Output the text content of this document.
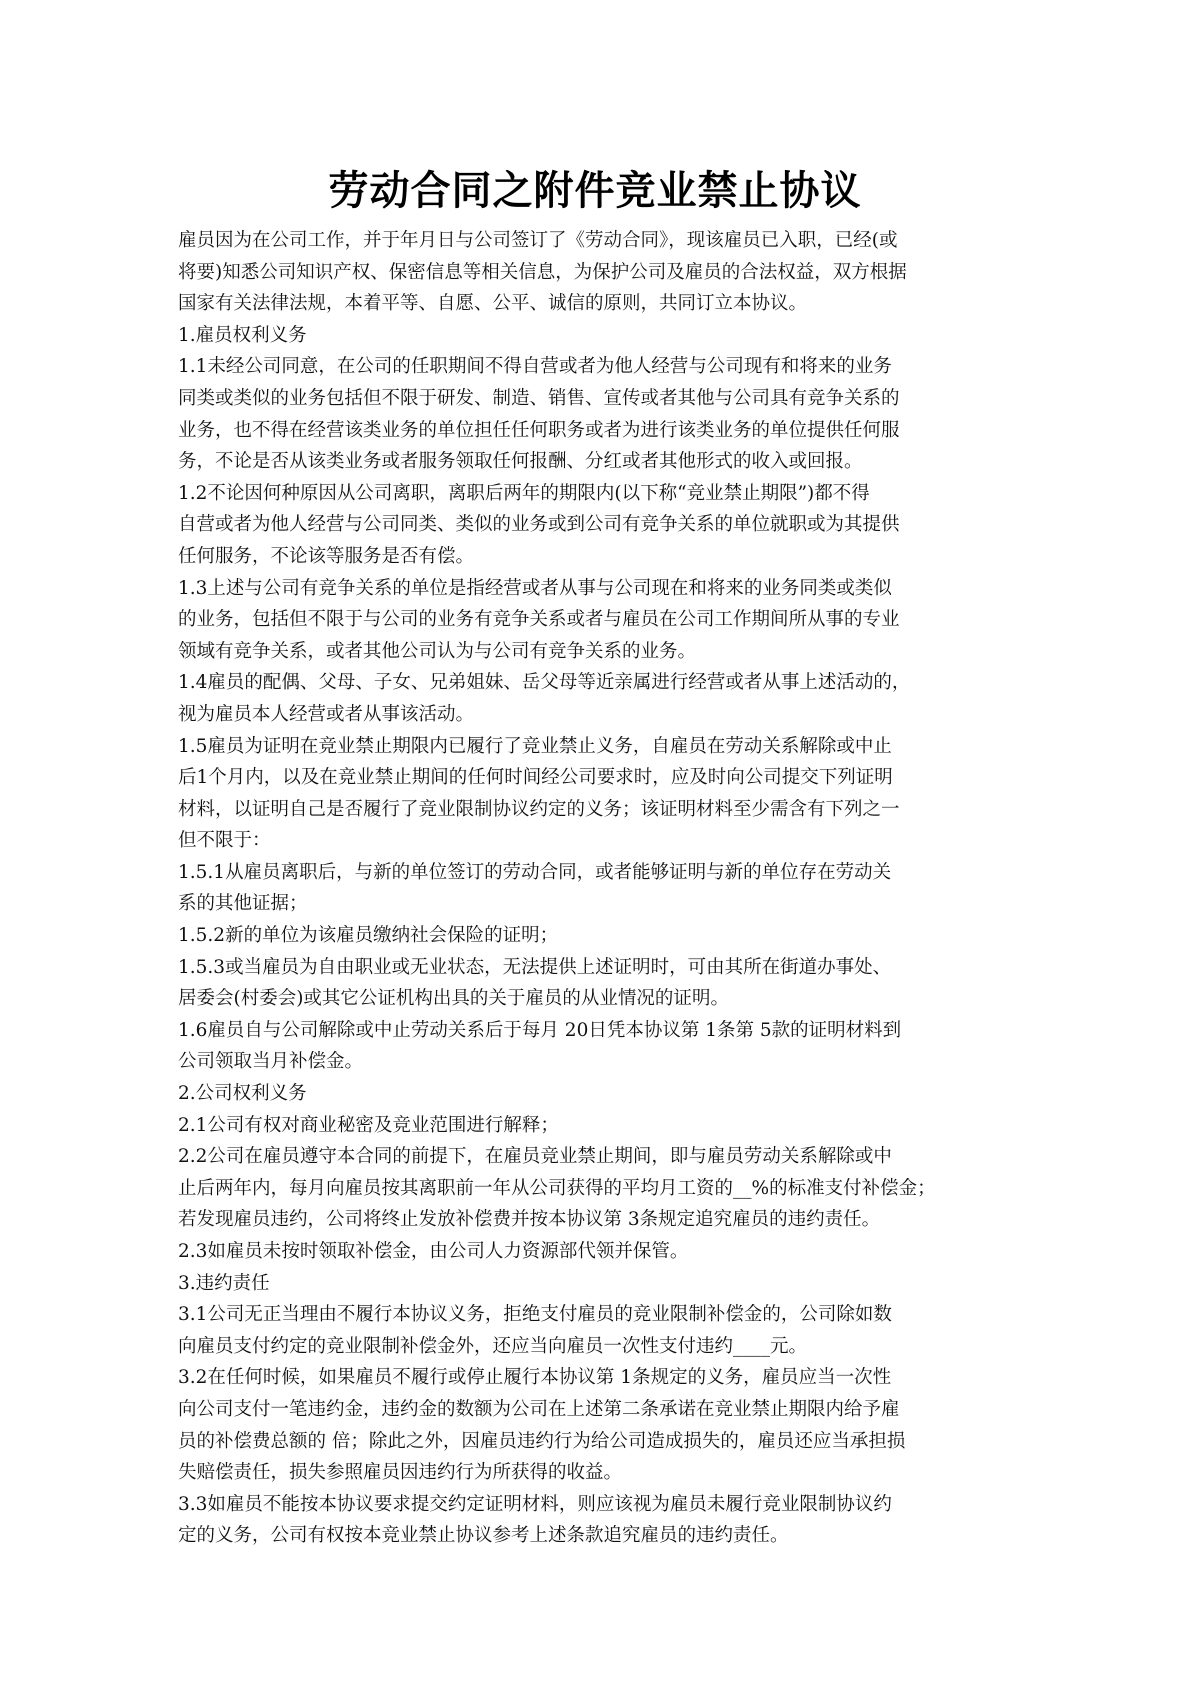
劳动合同之附件竞业禁止协议
雇员因为在公司工作，并于年月日与公司签订了《劳动合同》，现该雇员已入职，已经(或
将要)知悉公司知识产权、保密信息等相关信息，为保护公司及雇员的合法权益，双方根据
国家有关法律法规，本着平等、自愿、公平、诚信的原则，共同订立本协议。
1.雇员权利义务
1.1未经公司同意，在公司的任职期间不得自营或者为他人经营与公司现有和将来的业务
同类或类似的业务包括但不限于研发、制造、销售、宣传或者其他与公司具有竞争关系的
业务，也不得在经营该类业务的单位担任任何职务或者为进行该类业务的单位提供任何服
务，不论是否从该类业务或者服务领取任何报酬、分红或者其他形式的收入或回报。
1.2不论因何种原因从公司离职，离职后两年的期限内(以下称“竞业禁止期限”)都不得
自营或者为他人经营与公司同类、类似的业务或到公司有竞争关系的单位就职或为其提供
任何服务，不论该等服务是否有偿。
1.3上述与公司有竞争关系的单位是指经营或者从事与公司现在和将来的业务同类或类似
的业务，包括但不限于与公司的业务有竞争关系或者与雇员在公司工作期间所从事的专业
领域有竞争关系，或者其他公司认为与公司有竞争关系的业务。
1.4雇员的配偶、父母、子女、兄弟姐妹、岳父母等近亲属进行经营或者从事上述活动的，
视为雇员本人经营或者从事该活动。
1.5雇员为证明在竞业禁止期限内已履行了竞业禁止义务，自雇员在劳动关系解除或中止
后1个月内，以及在竞业禁止期间的任何时间经公司要求时，应及时向公司提交下列证明
材料，以证明自己是否履行了竞业限制协议约定的义务；该证明材料至少需含有下列之一
但不限于：
1.5.1从雇员离职后，与新的单位签订的劳动合同，或者能够证明与新的单位存在劳动关
系的其他证据；
1.5.2新的单位为该雇员缴纳社会保险的证明；
1.5.3或当雇员为自由职业或无业状态，无法提供上述证明时，可由其所在街道办事处、
居委会(村委会)或其它公证机构出具的关于雇员的从业情况的证明。
1.6雇员自与公司解除或中止劳动关系后于每月 20日凭本协议第 1条第 5款的证明材料到
公司领取当月补偿金。
2.公司权利义务
2.1公司有权对商业秘密及竞业范围进行解释；
2.2公司在雇员遵守本合同的前提下，在雇员竞业禁止期间，即与雇员劳动关系解除或中
止后两年内，每月向雇员按其离职前一年从公司获得的平均月工资的__%的标准支付补偿金；
若发现雇员违约，公司将终止发放补偿费并按本协议第 3条规定追究雇员的违约责任。
2.3如雇员未按时领取补偿金，由公司人力资源部代领并保管。
3.违约责任
3.1公司无正当理由不履行本协议义务，拒绝支付雇员的竞业限制补偿金的，公司除如数
向雇员支付约定的竞业限制补偿金外，还应当向雇员一次性支付违约____元。
3.2在任何时候，如果雇员不履行或停止履行本协议第 1条规定的义务，雇员应当一次性
向公司支付一笔违约金，违约金的数额为公司在上述第二条承诺在竞业禁止期限内给予雇
员的补偿费总额的 倍；除此之外，因雇员违约行为给公司造成损失的，雇员还应当承担损
失赔偿责任，损失参照雇员因违约行为所获得的收益。
3.3如雇员不能按本协议要求提交约定证明材料，则应该视为雇员未履行竞业限制协议约
定的义务，公司有权按本竞业禁止协议参考上述条款追究雇员的违约责任。
